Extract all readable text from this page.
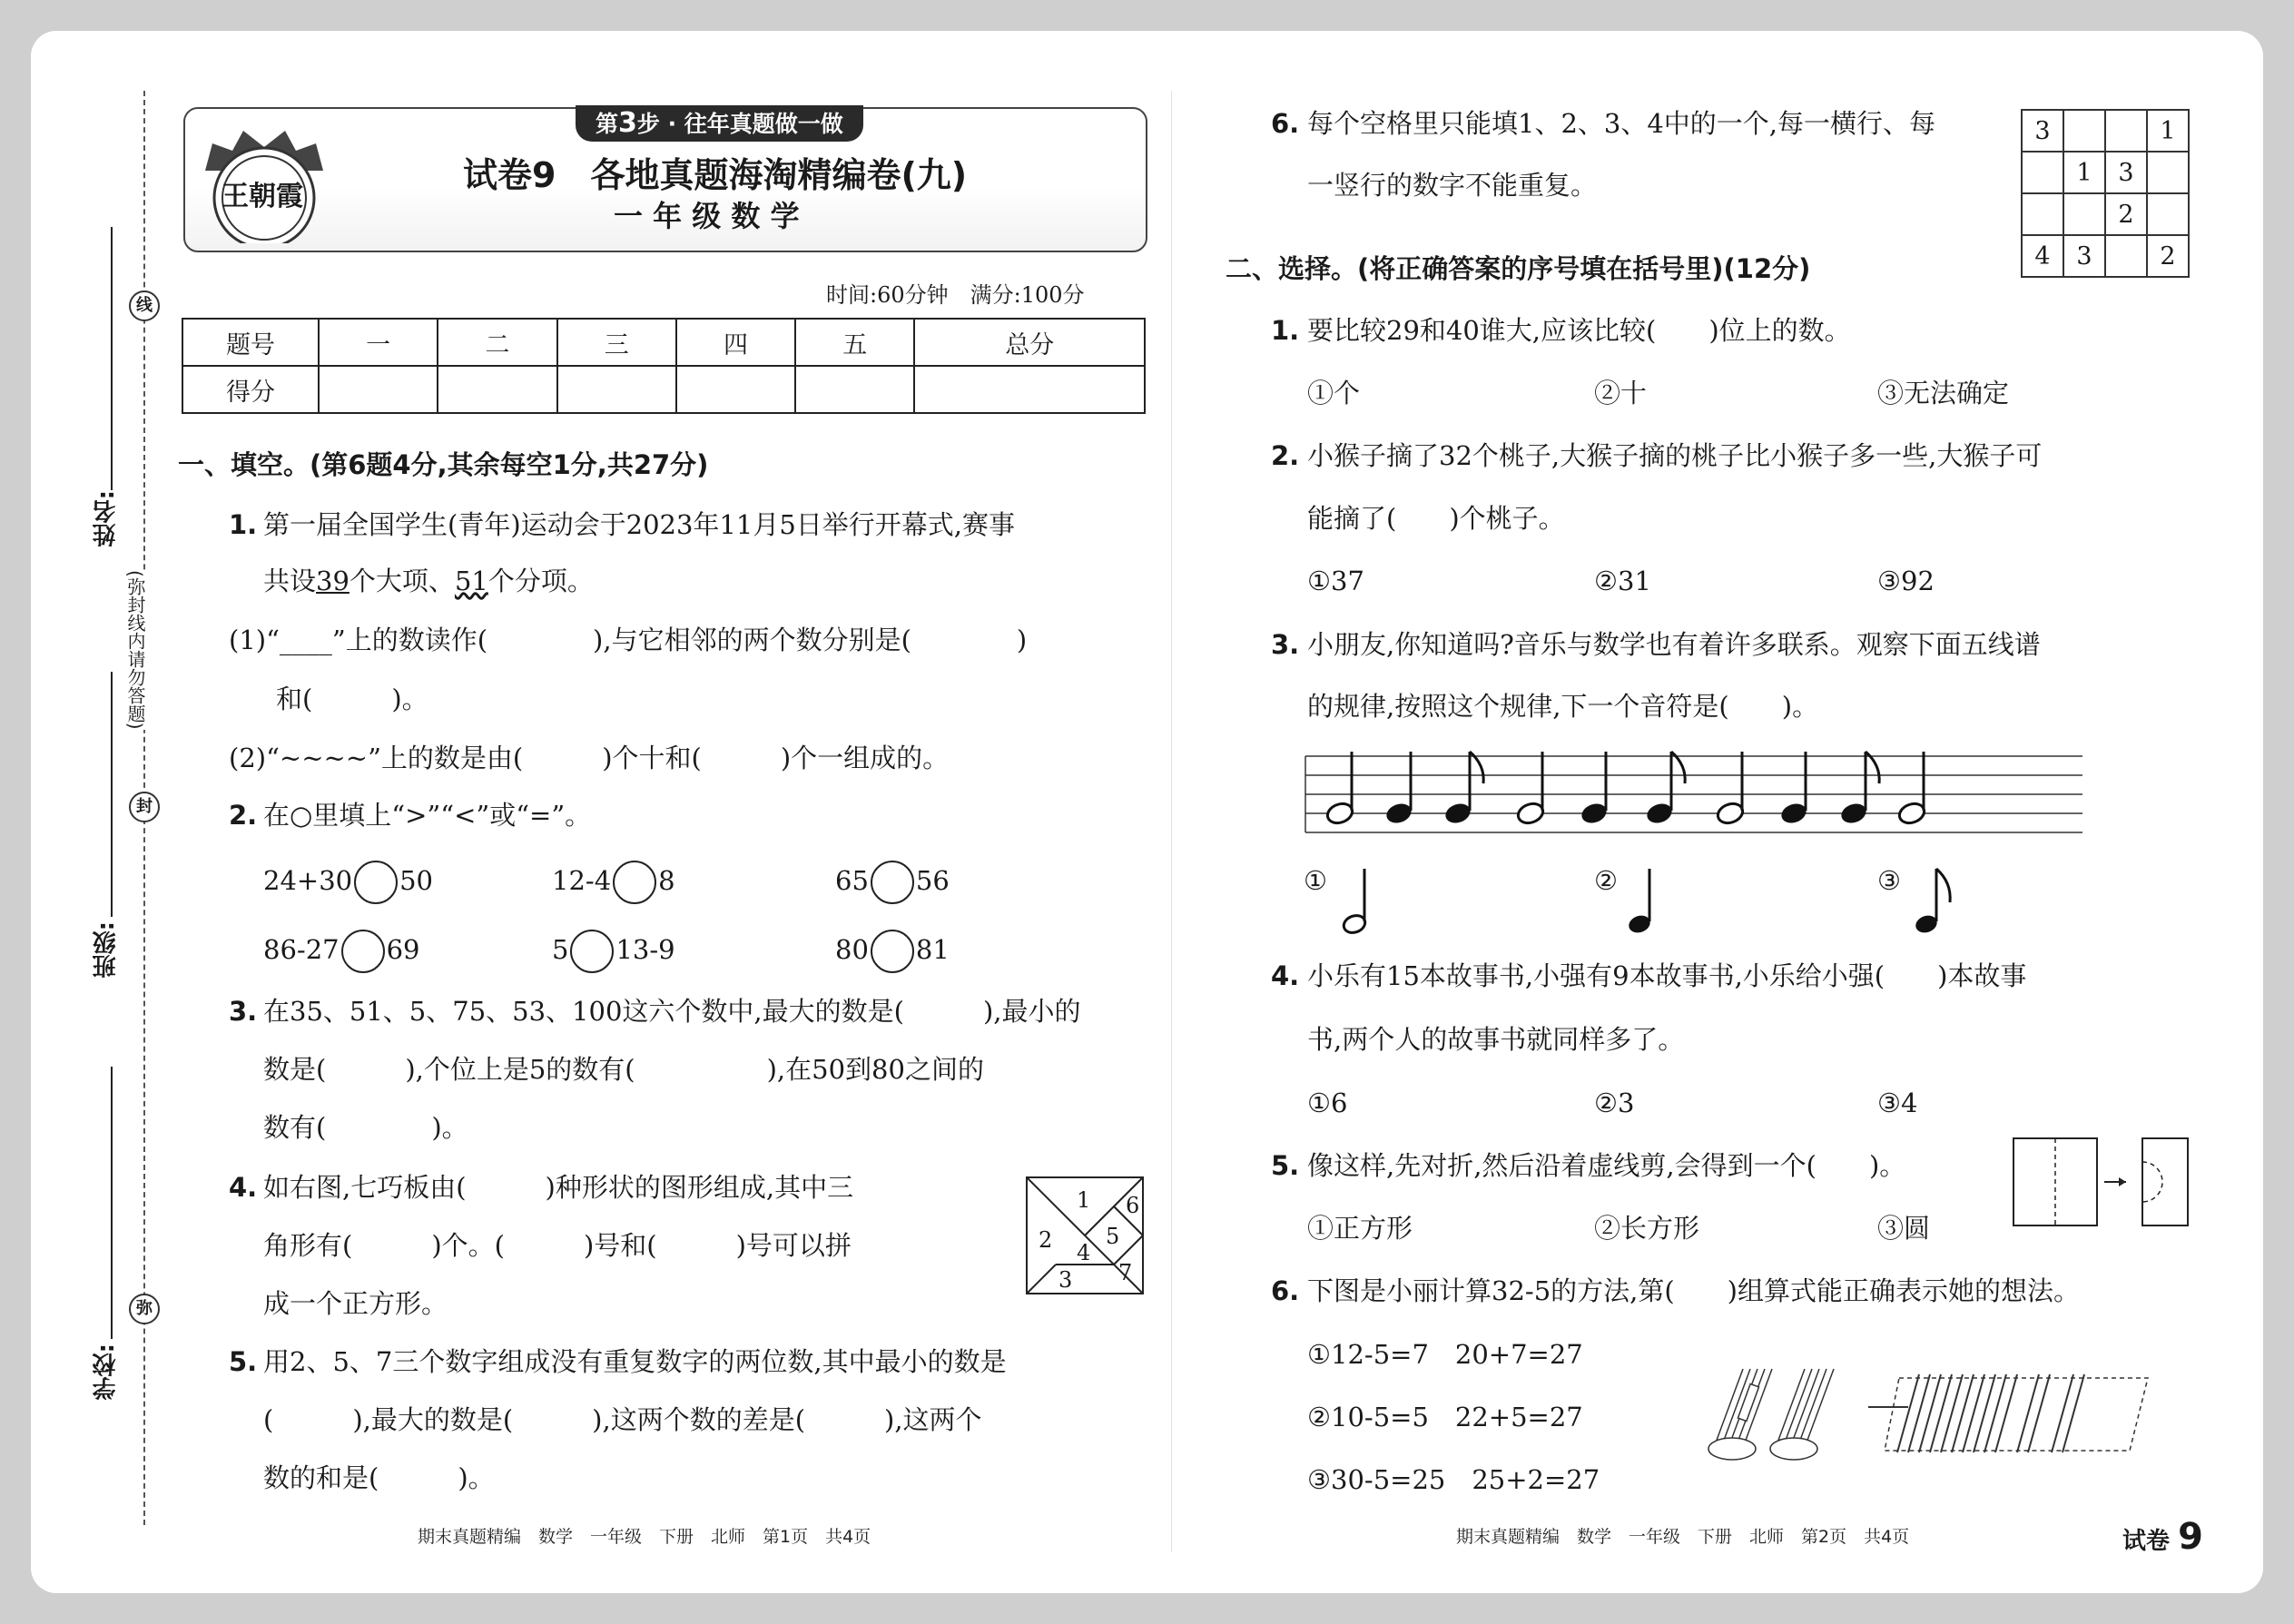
线
封
弥
(弥封线内请勿答题)
姓名:
班级:
学校:
第3步 · 往年真题做一做
王朝霞
试卷9　各地真题海淘精编卷(九)
一 年 级 数 学
时间:60分钟　满分:100分
题号	一	二	三	四	五	总分
得分						
一、填空。(第6题4分,其余每空1分,共27分)
1. 第一届全国学生(青年)运动会于2023年11月5日举行开幕式,赛事
共设39个大项、51个分项。
(1)“____”上的数读作(　　　　),与它相邻的两个数分别是(　　　　)
和(　　　)。
(2)“~~~~”上的数是由(　　　)个十和(　　　)个一组成的。
2. 在○里填上“>”“<”或“=”。
24+30 50	12-4 8	65 56
86-27 69	5 13-9	80 81
3. 在35、51、5、75、53、100这六个数中,最大的数是(　　　),最小的
数是(　　　),个位上是5的数有(　　　　　),在50到80之间的
数有(　　　　)。
4. 如右图,七巧板由(　　　)种形状的图形组成,其中三
角形有(　　　)个。(　　　)号和(　　　)号可以拼
成一个正方形。
1
2
3
4
5
6
7
5. 用2、5、7三个数字组成没有重复数字的两位数,其中最小的数是
(　　　),最大的数是(　　　),这两个数的差是(　　　),这两个
数的和是(　　　)。
期末真题精编　数学　一年级　下册　北师　第1页　共4页
6. 每个空格里只能填1、2、3、4中的一个,每一横行、每
一竖行的数字不能重复。
3			1
	1	3	
		2	
4	3		2
二、选择。(将正确答案的序号填在括号里)(12分)
1. 要比较29和40谁大,应该比较(　　)位上的数。
①个	②十	③无法确定
2. 小猴子摘了32个桃子,大猴子摘的桃子比小猴子多一些,大猴子可
能摘了(　　)个桃子。
①37	②31	③92
3. 小朋友,你知道吗?音乐与数学也有着许多联系。观察下面五线谱
的规律,按照这个规律,下一个音符是(　　)。
①	②	③
4. 小乐有15本故事书,小强有9本故事书,小乐给小强(　　)本故事
书,两个人的故事书就同样多了。
①6	②3	③4
5. 像这样,先对折,然后沿着虚线剪,会得到一个(　　)。
①正方形	②长方形	③圆
6. 下图是小丽计算32-5的方法,第(　　)组算式能正确表示她的想法。
①12-5=7　20+7=27
②10-5=5　22+5=27
③30-5=25　25+2=27
期末真题精编　数学　一年级　下册　北师　第2页　共4页	试卷 9
